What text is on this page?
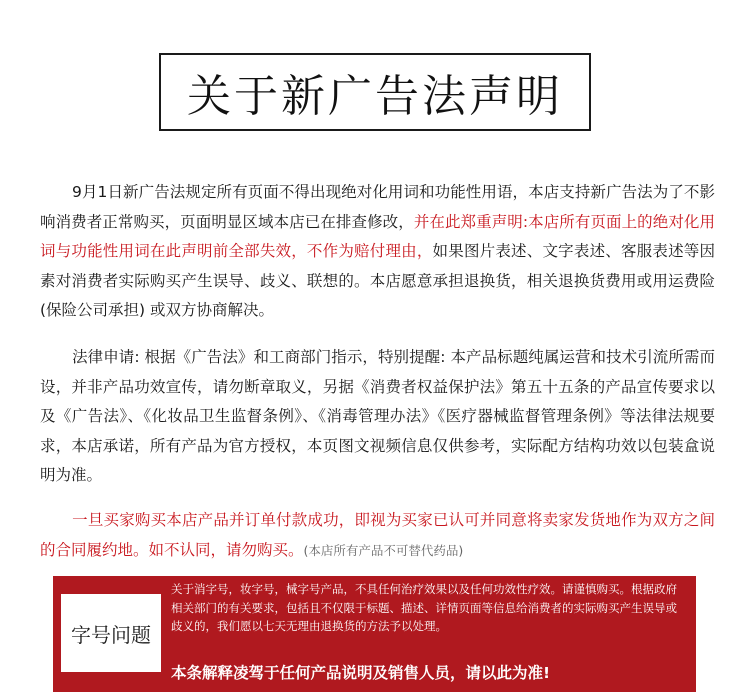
关于新广告法声明

9月1日新广告法规定所有页面不得出现绝对化用词和功能性用语，本店支持新广告法为了不影响消费者正常购买，页面明显区域本店已在排查修改，并在此郑重声明:本店所有页面上的绝对化用词与功能性用词在此声明前全部失效，不作为赔付理由，如果图片表述、文字表述、客服表述等因素对消费者实际购买产生误导、歧义、联想的。本店愿意承担退换货，相关退换货费用或用运费险(保险公司承担) 或双方协商解决。

法律申请: 根据《广告法》和工商部门指示，特别提醒: 本产品标题纯属运营和技术引流所需而设，并非产品功效宣传，请勿断章取义，另据《消费者权益保护法》第五十五条的产品宣传要求以及《广告法》、《化妆品卫生监督条例》、《消毒管理办法》《医疗器械监督管理条例》等法律法规要求，本店承诺，所有产品为官方授权，本页图文视频信息仅供参考，实际配方结构功效以包装盒说明为准。

一旦买家购买本店产品并订单付款成功，即视为买家已认可并同意将卖家发货地作为双方之间的合同履约地。如不认同，请勿购买。(本店所有产品不可替代药品)

字号问题

关于消字号，妆字号，械字号产品，不具任何治疗效果以及任何功效性疗效。请谨慎购买。根据政府相关部门的有关要求，包括且不仅限于标题、描述、详情页面等信息给消费者的实际购买产生误导或歧义的，我们愿以七天无理由退换货的方法予以处理。

本条解释凌驾于任何产品说明及销售人员，请以此为准!
